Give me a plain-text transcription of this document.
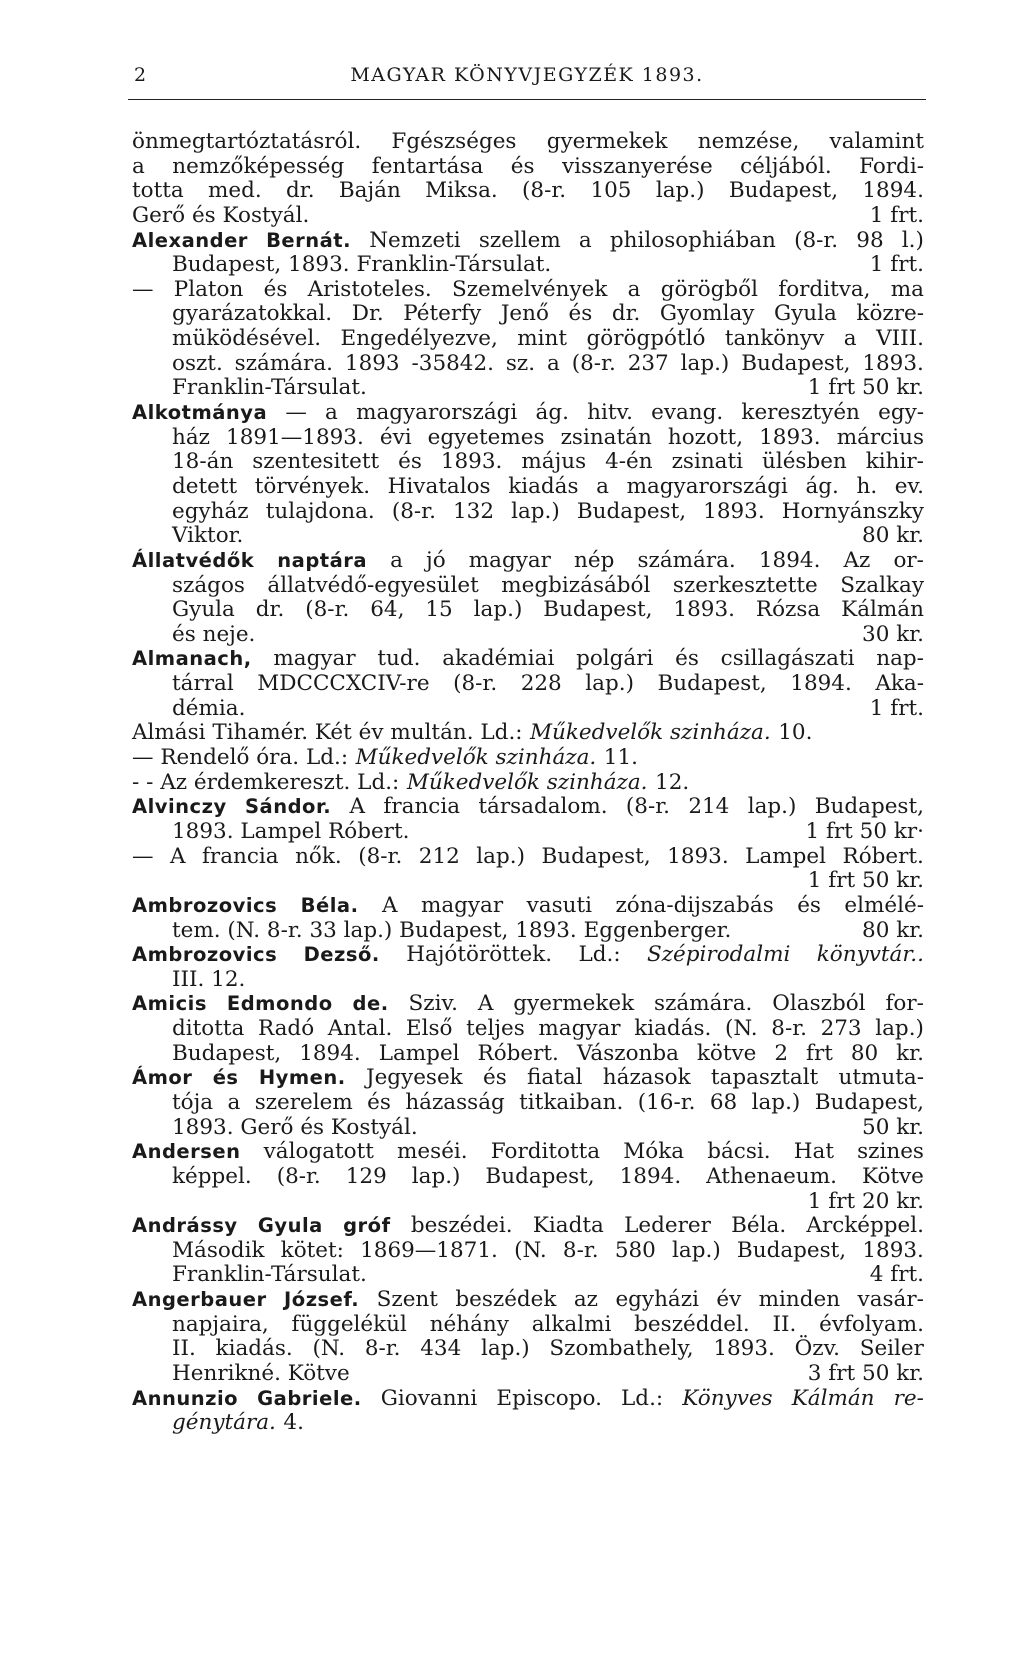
2	MAGYAR KÖNYVJEGYZÉK 1893.
önmegtartóztatásról. Fgészséges gyermekek nemzése, valamint
a nemzőképesség fentartása és visszanyerése céljából. Fordi-
totta med. dr. Baján Miksa. (8-r. 105 lap.) Budapest, 1894.
Gerő és Kostyál.	1 frt.
Alexander Bernát. Nemzeti szellem a philosophiában (8-r. 98 l.)
Budapest, 1893. Franklin-Társulat.	1 frt.
— Platon és Aristoteles. Szemelvények a görögből forditva, ma
gyarázatokkal. Dr. Péterfy Jenő és dr. Gyomlay Gyula közre-
müködésével. Engedélyezve, mint görögpótló tankönyv a VIII.
oszt. számára. 1893 -35842. sz. a (8-r. 237 lap.) Budapest, 1893.
Franklin-Társulat.	1 frt 50 kr.
Alkotmánya — a magyarországi ág. hitv. evang. keresztyén egy-
ház 1891—1893. évi egyetemes zsinatán hozott, 1893. március
18-án szentesitett és 1893. május 4-én zsinati ülésben kihir-
detett törvények. Hivatalos kiadás a magyarországi ág. h. ev.
egyház tulajdona. (8-r. 132 lap.) Budapest, 1893. Hornyánszky
Viktor.	80 kr.
Állatvédők naptára a jó magyar nép számára. 1894. Az or-
szágos állatvédő-egyesület megbizásából szerkesztette Szalkay
Gyula dr. (8-r. 64, 15 lap.) Budapest, 1893. Rózsa Kálmán
és neje.	30 kr.
Almanach, magyar tud. akadémiai polgári és csillagászati nap-
tárral MDCCCXCIV-re (8-r. 228 lap.) Budapest, 1894. Aka-
démia.	1 frt.
Almási Tihamér. Két év multán. Ld.: Műkedvelők szinháza. 10.
— Rendelő óra. Ld.: Műkedvelők szinháza. 11.
- - Az érdemkereszt. Ld.: Műkedvelők szinháza. 12.
Alvinczy Sándor. A francia társadalom. (8-r. 214 lap.) Budapest,
1893. Lampel Róbert.	1 frt 50 kr·
— A francia nők. (8-r. 212 lap.) Budapest, 1893. Lampel Róbert.
1 frt 50 kr.
Ambrozovics Béla. A magyar vasuti zóna-dijszabás és elmélé-
tem. (N. 8-r. 33 lap.) Budapest, 1893. Eggenberger.	80 kr.
Ambrozovics Dezső. Hajótöröttek. Ld.: Szépirodalmi könyvtár..
III. 12.
Amicis Edmondo de. Sziv. A gyermekek számára. Olaszból for-
ditotta Radó Antal. Első teljes magyar kiadás. (N. 8-r. 273 lap.)
Budapest, 1894. Lampel Róbert. Vászonba kötve 2 frt 80 kr.
Ámor és Hymen. Jegyesek és fiatal házasok tapasztalt utmuta-
tója a szerelem és házasság titkaiban. (16-r. 68 lap.) Budapest,
1893. Gerő és Kostyál.	50 kr.
Andersen válogatott meséi. Forditotta Móka bácsi. Hat szines
képpel. (8-r. 129 lap.) Budapest, 1894. Athenaeum. Kötve
1 frt 20 kr.
Andrássy Gyula gróf beszédei. Kiadta Lederer Béla. Arcképpel.
Második kötet: 1869—1871. (N. 8-r. 580 lap.) Budapest, 1893.
Franklin-Társulat.	4 frt.
Angerbauer József. Szent beszédek az egyházi év minden vasár-
napjaira, függelékül néhány alkalmi beszéddel. II. évfolyam.
II. kiadás. (N. 8-r. 434 lap.) Szombathely, 1893. Özv. Seiler
Henrikné. Kötve	3 frt 50 kr.
Annunzio Gabriele. Giovanni Episcopo. Ld.: Könyves Kálmán re-
génytára. 4.
